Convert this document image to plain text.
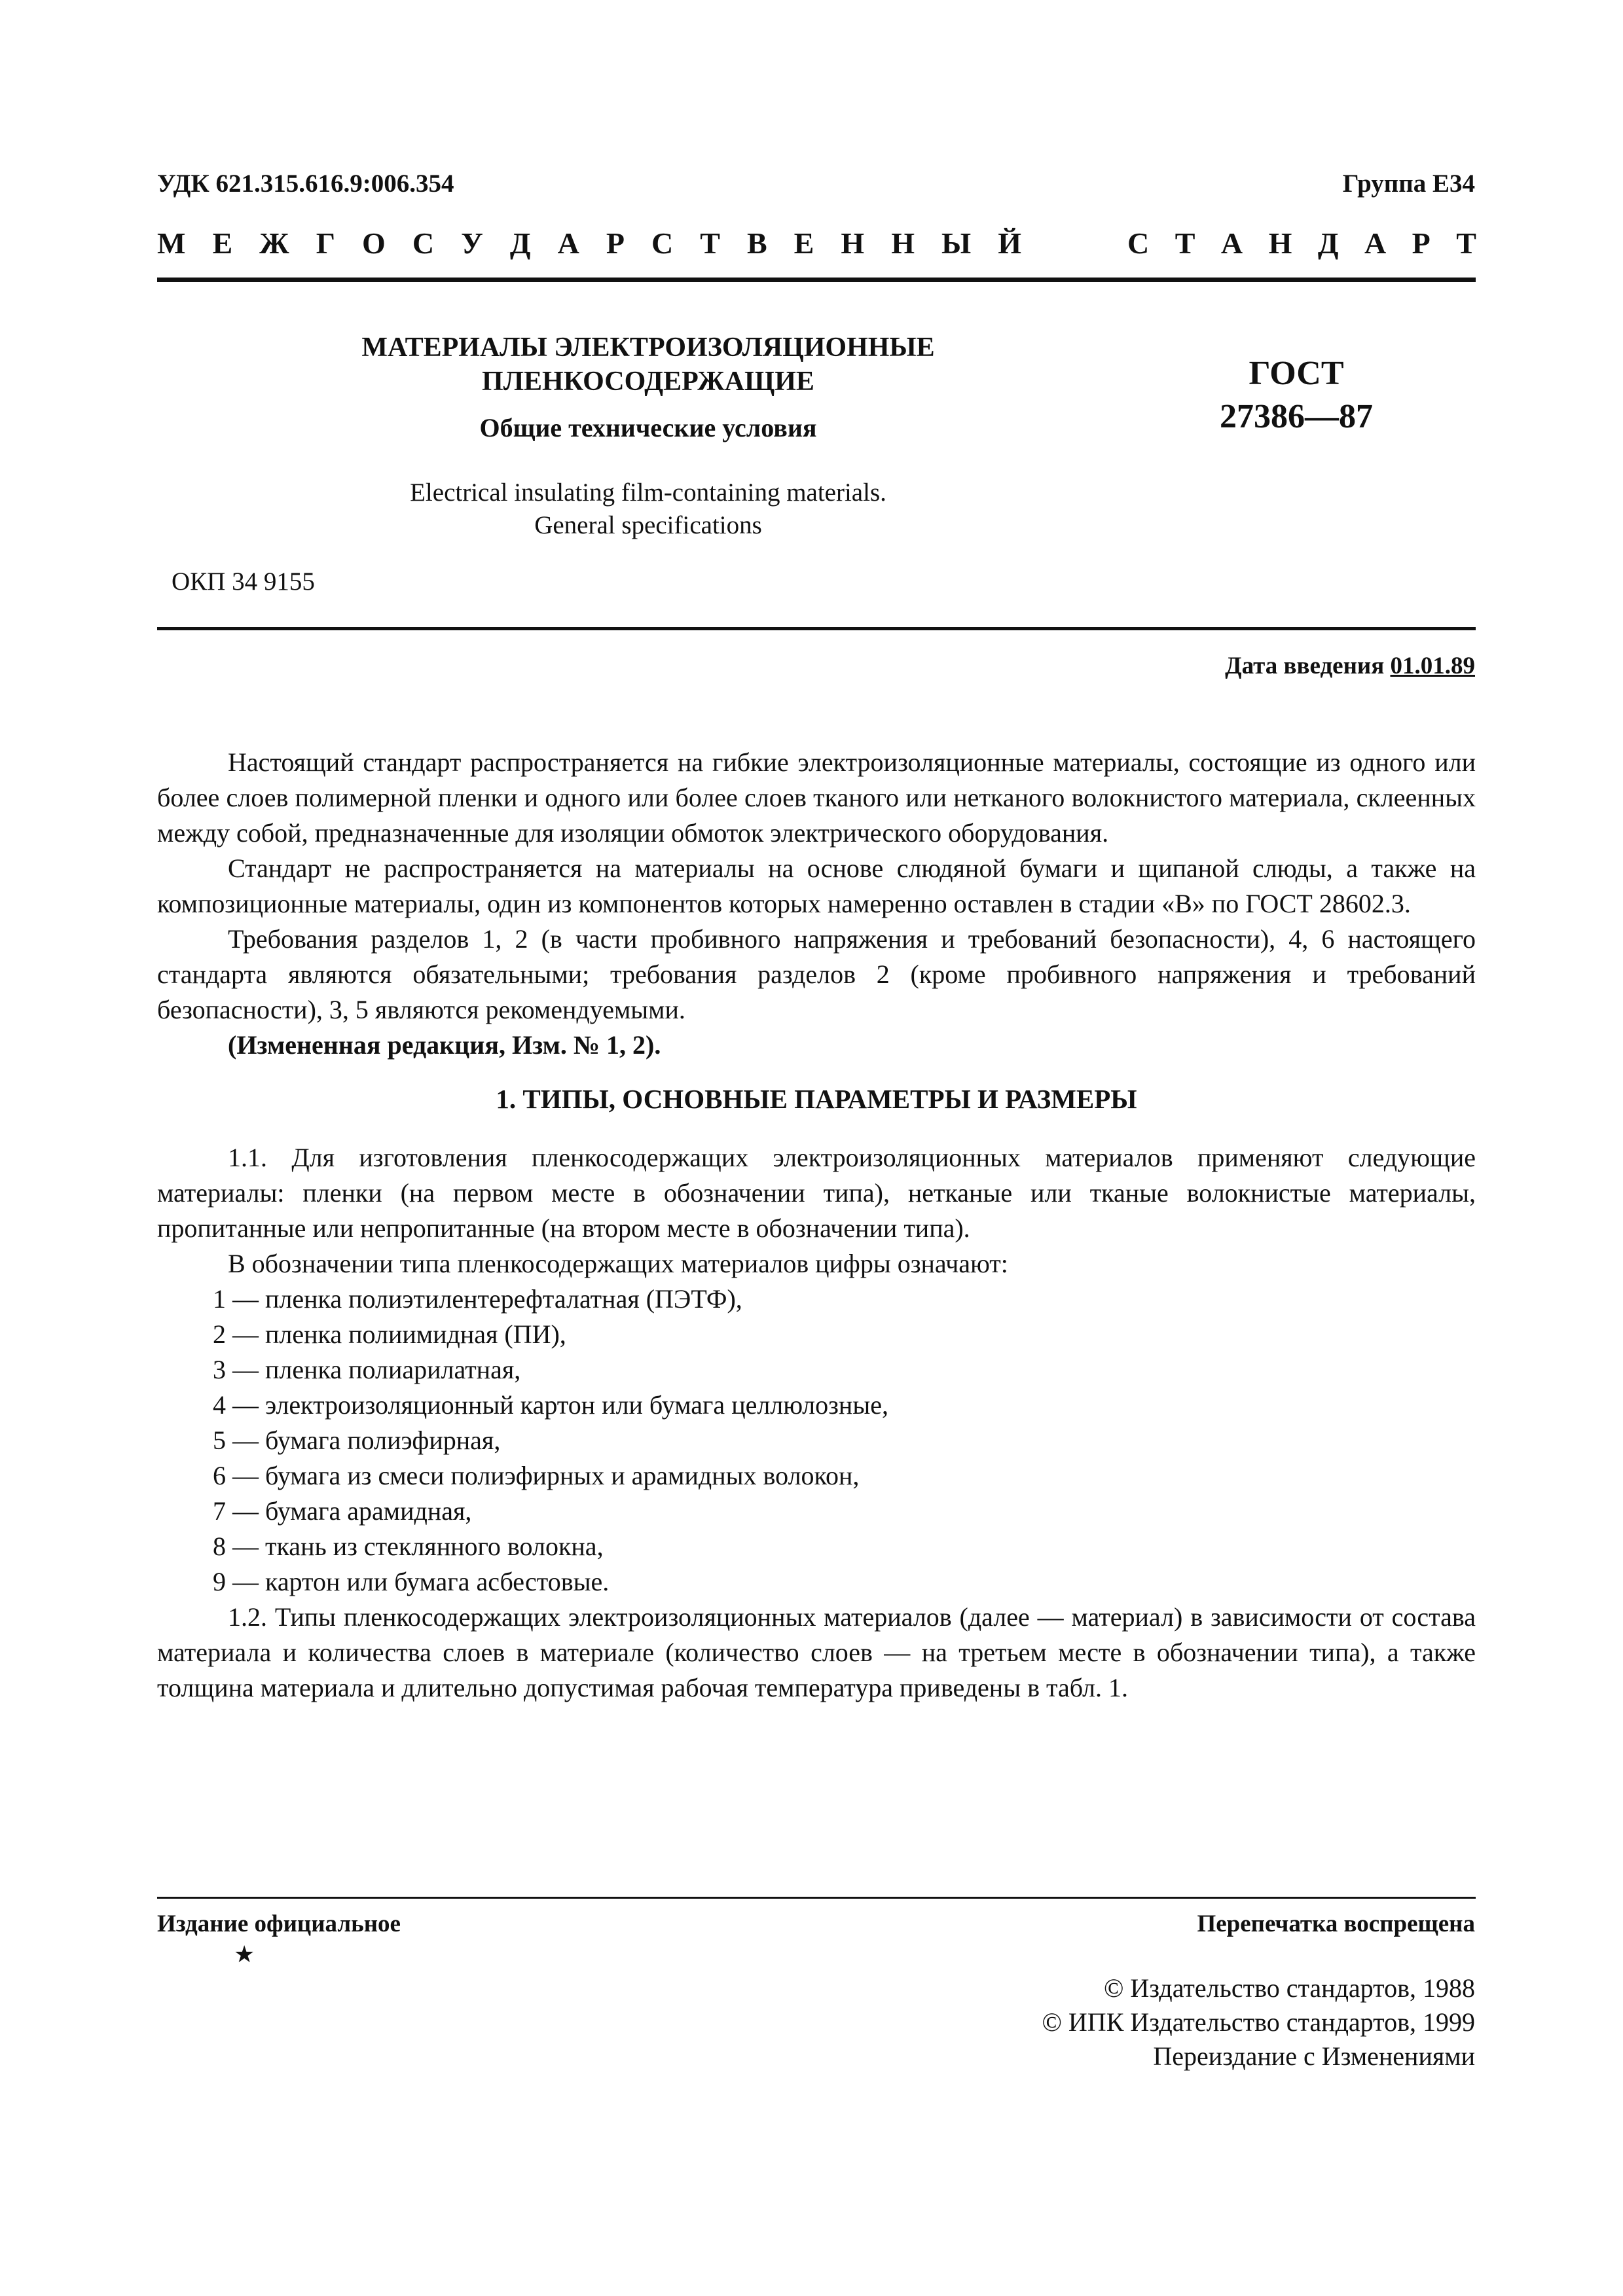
УДК 621.315.616.9:006.354	Группа Е34
М Е Ж Г О С У Д А Р С Т В Е Н Н Ы Й	С Т А Н Д А Р Т
МАТЕРИАЛЫ ЭЛЕКТРОИЗОЛЯЦИОННЫЕ
ПЛЕНКОСОДЕРЖАЩИЕ
Общие технические условия
Electrical insulating film-containing materials.
General specifications
ГОСТ
27386—87
ОКП 34 9155
Дата введения 01.01.89

Настоящий стандарт распространяется на гибкие электроизоляционные материалы, состоящие из одного или более слоев полимерной пленки и одного или более слоев тканого или нетканого волокнистого материала, склеенных между собой, предназначенные для изоляции обмоток электрического оборудования.

Стандарт не распространяется на материалы на основе слюдяной бумаги и щипаной слюды, а также на композиционные материалы, один из компонентов которых намеренно оставлен в стадии «В» по ГОСТ 28602.3.

Требования разделов 1, 2 (в части пробивного напряжения и требований безопасности), 4, 6 настоящего стандарта являются обязательными; требования разделов 2 (кроме пробивного напряжения и требований безопасности), 3, 5 являются рекомендуемыми.

(Измененная редакция, Изм. № 1, 2).

1. ТИПЫ, ОСНОВНЫЕ ПАРАМЕТРЫ И РАЗМЕРЫ

1.1. Для изготовления пленкосодержащих электроизоляционных материалов применяют следующие материалы: пленки (на первом месте в обозначении типа), нетканые или тканые волокнистые материалы, пропитанные или непропитанные (на втором месте в обозначении типа).

В обозначении типа пленкосодержащих материалов цифры означают:

1 — пленка полиэтилентерефталатная (ПЭТФ),

2 — пленка полиимидная (ПИ),

3 — пленка полиарилатная,

4 — электроизоляционный картон или бумага целлюлозные,

5 — бумага полиэфирная,

6 — бумага из смеси полиэфирных и арамидных волокон,

7 — бумага арамидная,

8 — ткань из стеклянного волокна,

9 — картон или бумага асбестовые.

1.2. Типы пленкосодержащих электроизоляционных материалов (далее — материал) в зависимости от состава материала и количества слоев в материале (количество слоев — на третьем месте в обозначении типа), а также толщина материала и длительно допустимая рабочая температура приведены в табл. 1.

Издание официальное
★
Перепечатка воспрещена
© Издательство стандартов, 1988
© ИПК Издательство стандартов, 1999
Переиздание с Изменениями
